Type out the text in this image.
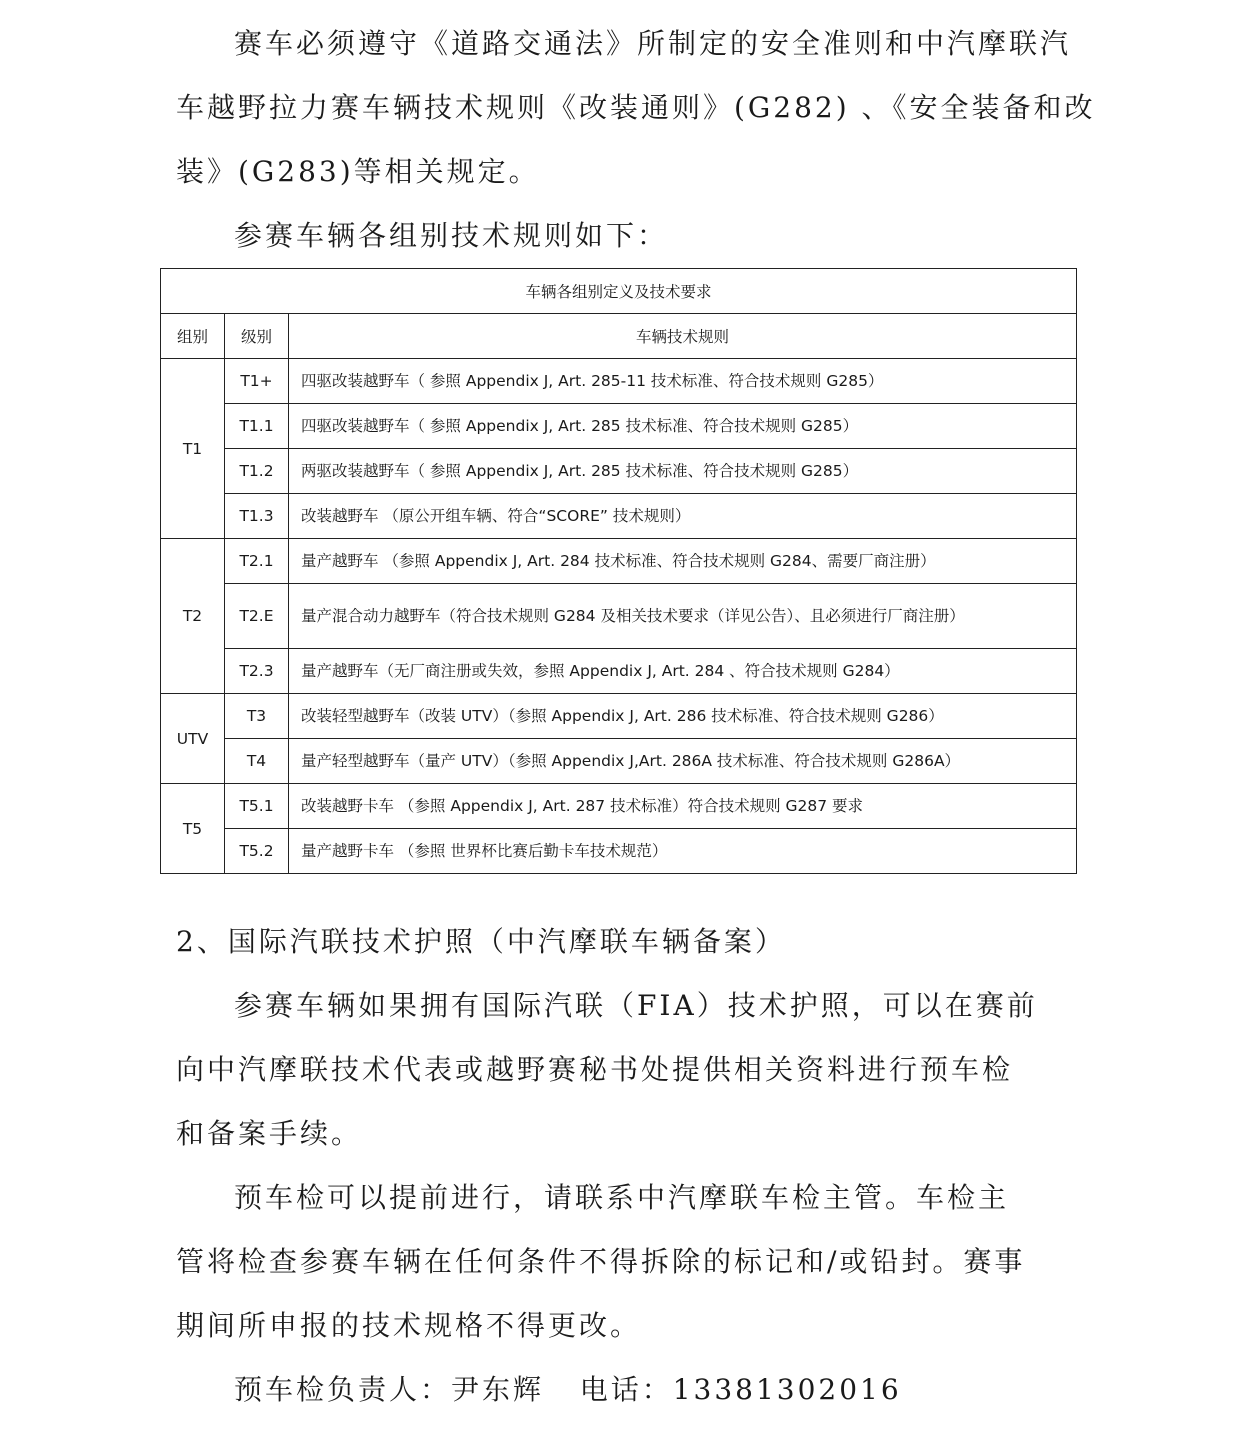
赛车必须遵守《道路交通法》所制定的安全准则和中汽摩联汽
车越野拉力赛车辆技术规则《改装通则》(G282) 、《安全装备和改
装》(G283)等相关规定。
参赛车辆各组别技术规则如下：
车辆各组别定义及技术要求		
组别	级别	车辆技术规则
T1	T1+	四驱改装越野车（ 参照 Appendix J, Art. 285-11 技术标准、符合技术规则 G285）
	T1.1	四驱改装越野车（ 参照 Appendix J, Art. 285 技术标准、符合技术规则 G285）
	T1.2	两驱改装越野车（ 参照 Appendix J, Art. 285 技术标准、符合技术规则 G285）
	T1.3	改装越野车 （原公开组车辆、符合“SCORE” 技术规则）
T2	T2.1	量产越野车 （参照 Appendix J, Art. 284 技术标准、符合技术规则 G284、需要厂商注册）
	T2.E	量产混合动力越野车（符合技术规则 G284 及相关技术要求（详见公告）、且必须进行厂商注册）
	T2.3	量产越野车（无厂商注册或失效，参照 Appendix J, Art. 284 、符合技术规则 G284）
UTV	T3	改装轻型越野车（改装 UTV）（参照 Appendix J, Art. 286 技术标准、符合技术规则 G286）
	T4	量产轻型越野车（量产 UTV）（参照 Appendix J,Art. 286A 技术标准、符合技术规则 G286A）
T5	T5.1	改装越野卡车 （参照 Appendix J, Art. 287 技术标准）符合技术规则 G287 要求
	T5.2	量产越野卡车 （参照 世界杯比赛后勤卡车技术规范）
2、国际汽联技术护照（中汽摩联车辆备案）
参赛车辆如果拥有国际汽联（FIA）技术护照，可以在赛前
向中汽摩联技术代表或越野赛秘书处提供相关资料进行预车检
和备案手续。
预车检可以提前进行，请联系中汽摩联车检主管。车检主
管将检查参赛车辆在任何条件不得拆除的标记和/或铅封。赛事
期间所申报的技术规格不得更改。
预车检负责人：尹东辉   电话：13381302016
